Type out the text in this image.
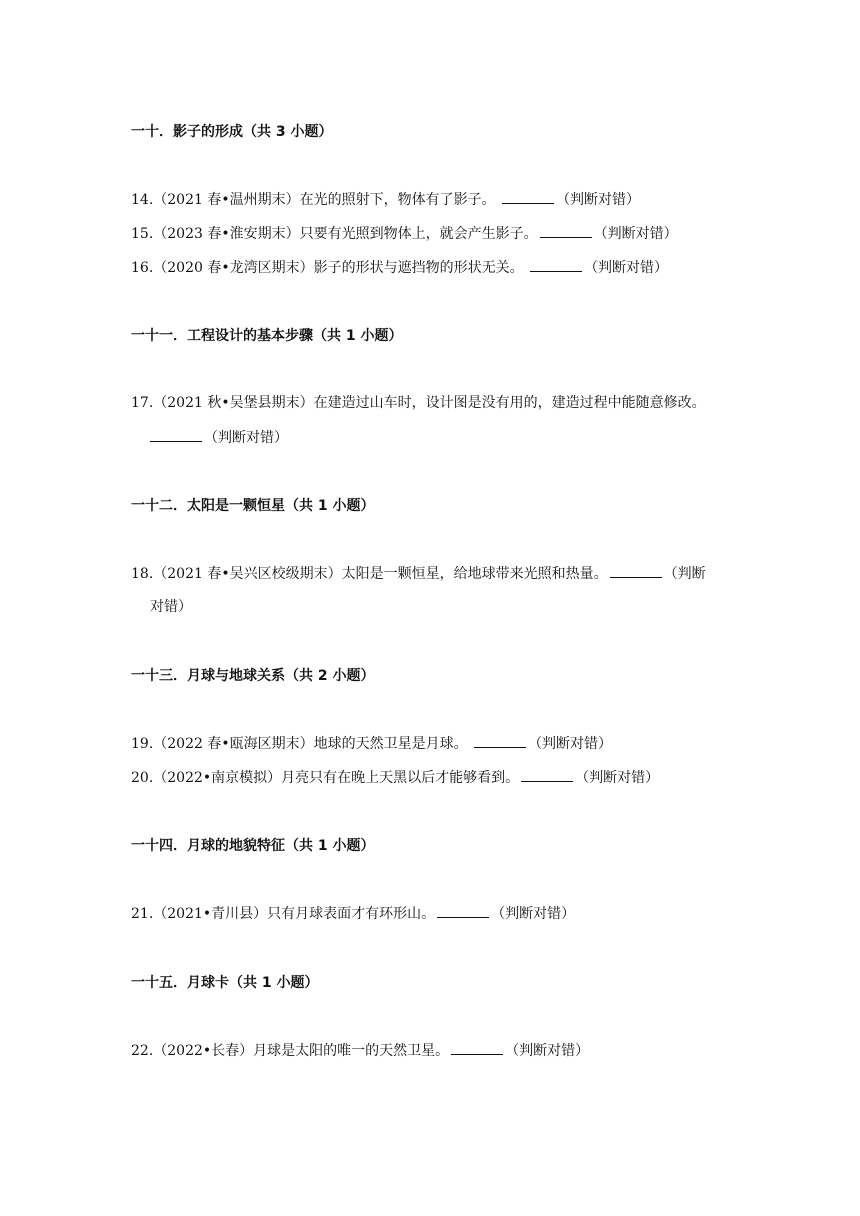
一十．影子的形成（共 3 小题）
14.（2021 春•温州期末）在光的照射下，物体有了影子。	（判断对错）
15.（2023 春•淮安期末）只要有光照到物体上，就会产生影子。	（判断对错）
16.（2020 春•龙湾区期末）影子的形状与遮挡物的形状无关。	（判断对错）
一十一．工程设计的基本步骤（共 1 小题）
17.（2021 秋•吴堡县期末）在建造过山车时，设计图是没有用的，建造过程中能随意修改。
（判断对错）
一十二．太阳是一颗恒星（共 1 小题）
18.（2021 春•吴兴区校级期末）太阳是一颗恒星，给地球带来光照和热量。	（判断
对错）
一十三．月球与地球关系（共 2 小题）
19.（2022 春•瓯海区期末）地球的天然卫星是月球。	（判断对错）
20.（2022•南京模拟）月亮只有在晚上天黑以后才能够看到。	（判断对错）
一十四．月球的地貌特征（共 1 小题）
21.（2021•青川县）只有月球表面才有环形山。	（判断对错）
一十五．月球卡（共 1 小题）
22.（2022•长春）月球是太阳的唯一的天然卫星。	（判断对错）
